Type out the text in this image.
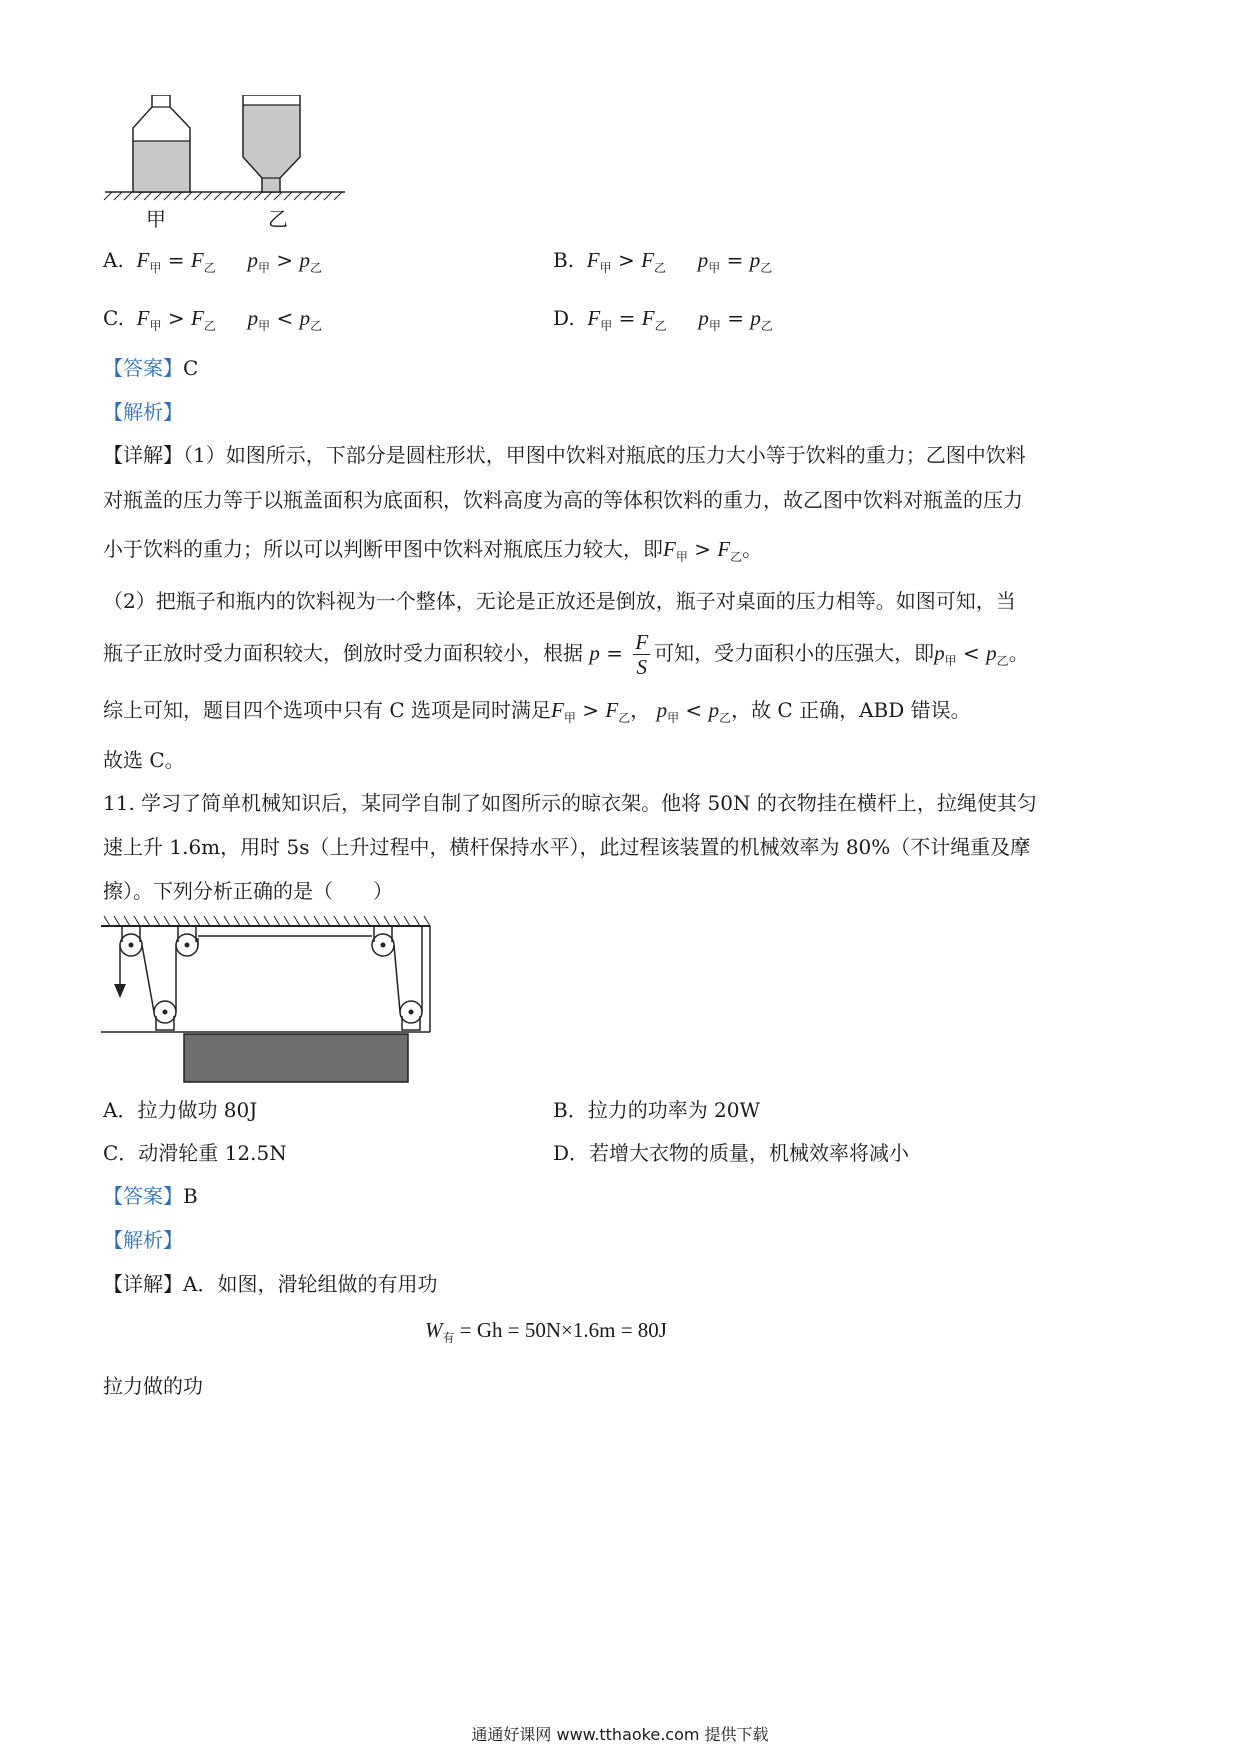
甲	乙
A. $F_甲 = F_乙$ $p_甲 > p_乙$	B. $F_甲 > F_乙$ $p_甲 = p_乙$
C. $F_甲 > F_乙$ $p_甲 < p_乙$	D. $F_甲 = F_乙$ $p_甲 = p_乙$
【答案】C
【解析】
【详解】（1）如图所示，下部分是圆柱形状，甲图中饮料对瓶底的压力大小等于饮料的重力；乙图中饮料
对瓶盖的压力等于以瓶盖面积为底面积，饮料高度为高的等体积饮料的重力，故乙图中饮料对瓶盖的压力
小于饮料的重力；所以可以判断甲图中饮料对瓶底压力较大，即$F_甲 > F_乙$。
（2）把瓶子和瓶内的饮料视为一个整体，无论是正放还是倒放，瓶子对桌面的压力相等。如图可知，当
瓶子正放时受力面积较大，倒放时受力面积较小，根据 $p = \frac{F}{S}$ 可知，受力面积小的压强大，即$p_甲 < p_乙$。
综上可知，题目四个选项中只有 C 选项是同时满足$F_甲 > F_乙$， $p_甲 < p_乙$，故 C 正确，ABD 错误。
故选 C。
11. 学习了简单机械知识后，某同学自制了如图所示的晾衣架。他将 50N 的衣物挂在横杆上，拉绳使其匀
速上升 1.6m，用时 5s（上升过程中，横杆保持水平），此过程该装置的机械效率为 80%（不计绳重及摩
擦）。下列分析正确的是（　　）
A．拉力做功 80J	B．拉力的功率为 20W
C．动滑轮重 12.5N	D．若增大衣物的质量，机械效率将减小
【答案】B
【解析】
【详解】A．如图，滑轮组做的有用功
$W_有 = Gh = 50N\times 1.6m = 80J$
拉力做的功
通通好课网 www.tthaoke.com 提供下载
